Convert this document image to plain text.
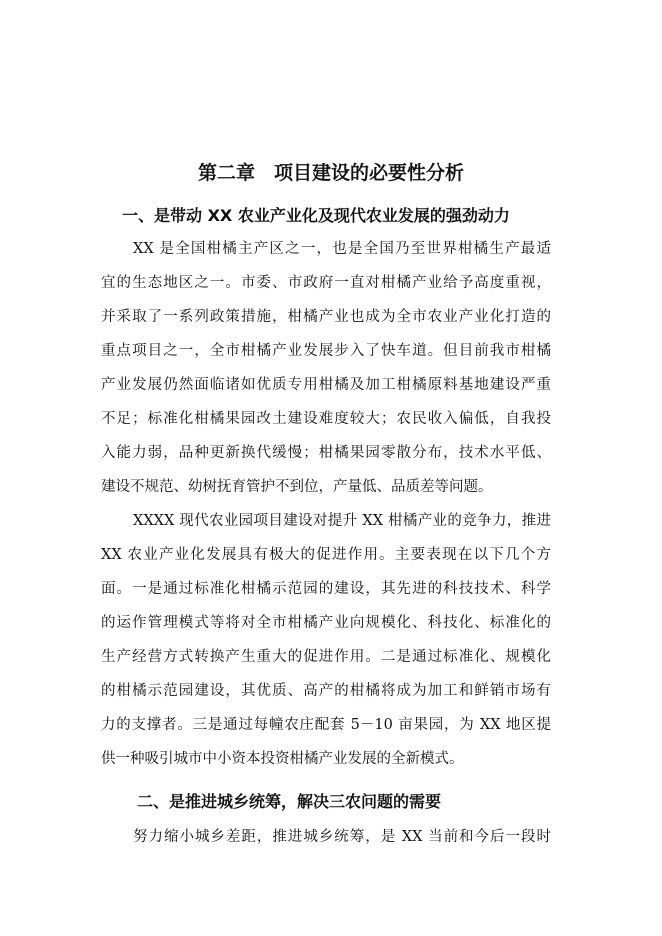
第二章　项目建设的必要性分析
一、是带动 XX 农业产业化及现代农业发展的强劲动力
XX 是全国柑橘主产区之一，也是全国乃至世界柑橘生产最适
宜的生态地区之一。市委、市政府一直对柑橘产业给予高度重视，
并采取了一系列政策措施，柑橘产业也成为全市农业产业化打造的
重点项目之一，全市柑橘产业发展步入了快车道。但目前我市柑橘
产业发展仍然面临诸如优质专用柑橘及加工柑橘原料基地建设严重
不足；标准化柑橘果园改土建设难度较大；农民收入偏低，自我投
入能力弱，品种更新换代缓慢；柑橘果园零散分布，技术水平低、
建设不规范、幼树抚育管护不到位，产量低、品质差等问题。
XXXX 现代农业园项目建设对提升 XX 柑橘产业的竞争力，推进
XX 农业产业化发展具有极大的促进作用。主要表现在以下几个方
面。一是通过标准化柑橘示范园的建设，其先进的科技技术、科学
的运作管理模式等将对全市柑橘产业向规模化、科技化、标准化的
生产经营方式转换产生重大的促进作用。二是通过标准化、规模化
的柑橘示范园建设，其优质、高产的柑橘将成为加工和鲜销市场有
力的支撑者。三是通过每幢农庄配套 5－10 亩果园，为 XX 地区提
供一种吸引城市中小资本投资柑橘产业发展的全新模式。
二、是推进城乡统筹，解决三农问题的需要
努力缩小城乡差距，推进城乡统筹，是 XX 当前和今后一段时
